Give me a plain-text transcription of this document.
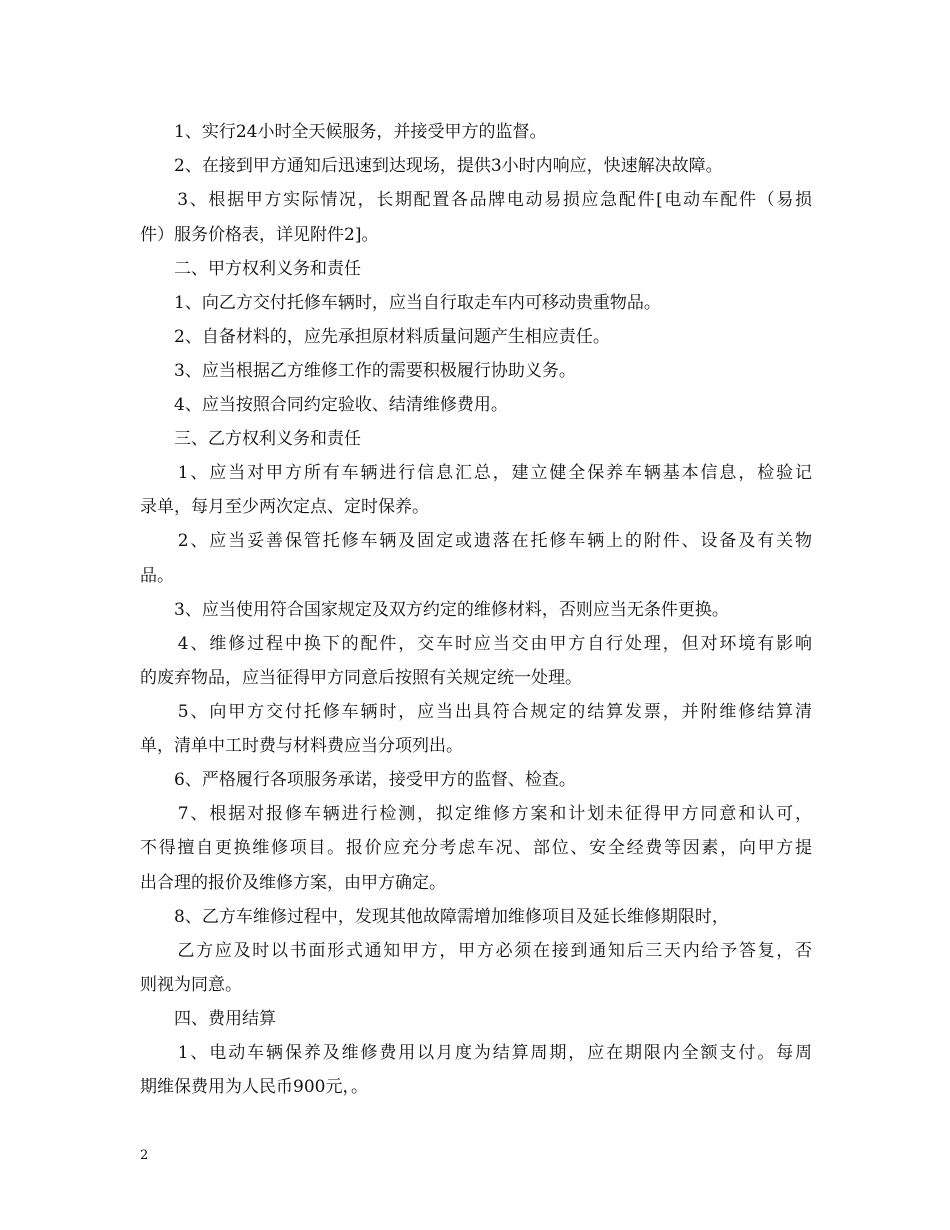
　　1、实行24小时全天候服务，并接受甲方的监督。
　　2、在接到甲方通知后迅速到达现场，提供3小时内响应，快速解决故障。
　　3、根据甲方实际情况，长期配置各品牌电动易损应急配件[电动车配件（易损
件）服务价格表，详见附件2]。
　　二、甲方权利义务和责任
　　1、向乙方交付托修车辆时，应当自行取走车内可移动贵重物品。
　　2、自备材料的，应先承担原材料质量问题产生相应责任。
　　3、应当根据乙方维修工作的需要积极履行协助义务。
　　4、应当按照合同约定验收、结清维修费用。
　　三、乙方权利义务和责任
　　1、应当对甲方所有车辆进行信息汇总，建立健全保养车辆基本信息，检验记
录单，每月至少两次定点、定时保养。
　　2、应当妥善保管托修车辆及固定或遗落在托修车辆上的附件、设备及有关物
品。
　　3、应当使用符合国家规定及双方约定的维修材料，否则应当无条件更换。
　　4、维修过程中换下的配件，交车时应当交由甲方自行处理，但对环境有影响
的废弃物品，应当征得甲方同意后按照有关规定统一处理。
　　5、向甲方交付托修车辆时，应当出具符合规定的结算发票，并附维修结算清
单，清单中工时费与材料费应当分项列出。
　　6、严格履行各项服务承诺，接受甲方的监督、检查。
　　7、根据对报修车辆进行检测，拟定维修方案和计划未征得甲方同意和认可，
不得擅自更换维修项目。报价应充分考虑车况、部位、安全经费等因素，向甲方提
出合理的报价及维修方案，由甲方确定。
　　8、乙方车维修过程中，发现其他故障需增加维修项目及延长维修期限时，
　　乙方应及时以书面形式通知甲方，甲方必须在接到通知后三天内给予答复，否
则视为同意。
　　四、费用结算
　　1、电动车辆保养及维修费用以月度为结算周期，应在期限内全额支付。每周
期维保费用为人民币900元，。
2
